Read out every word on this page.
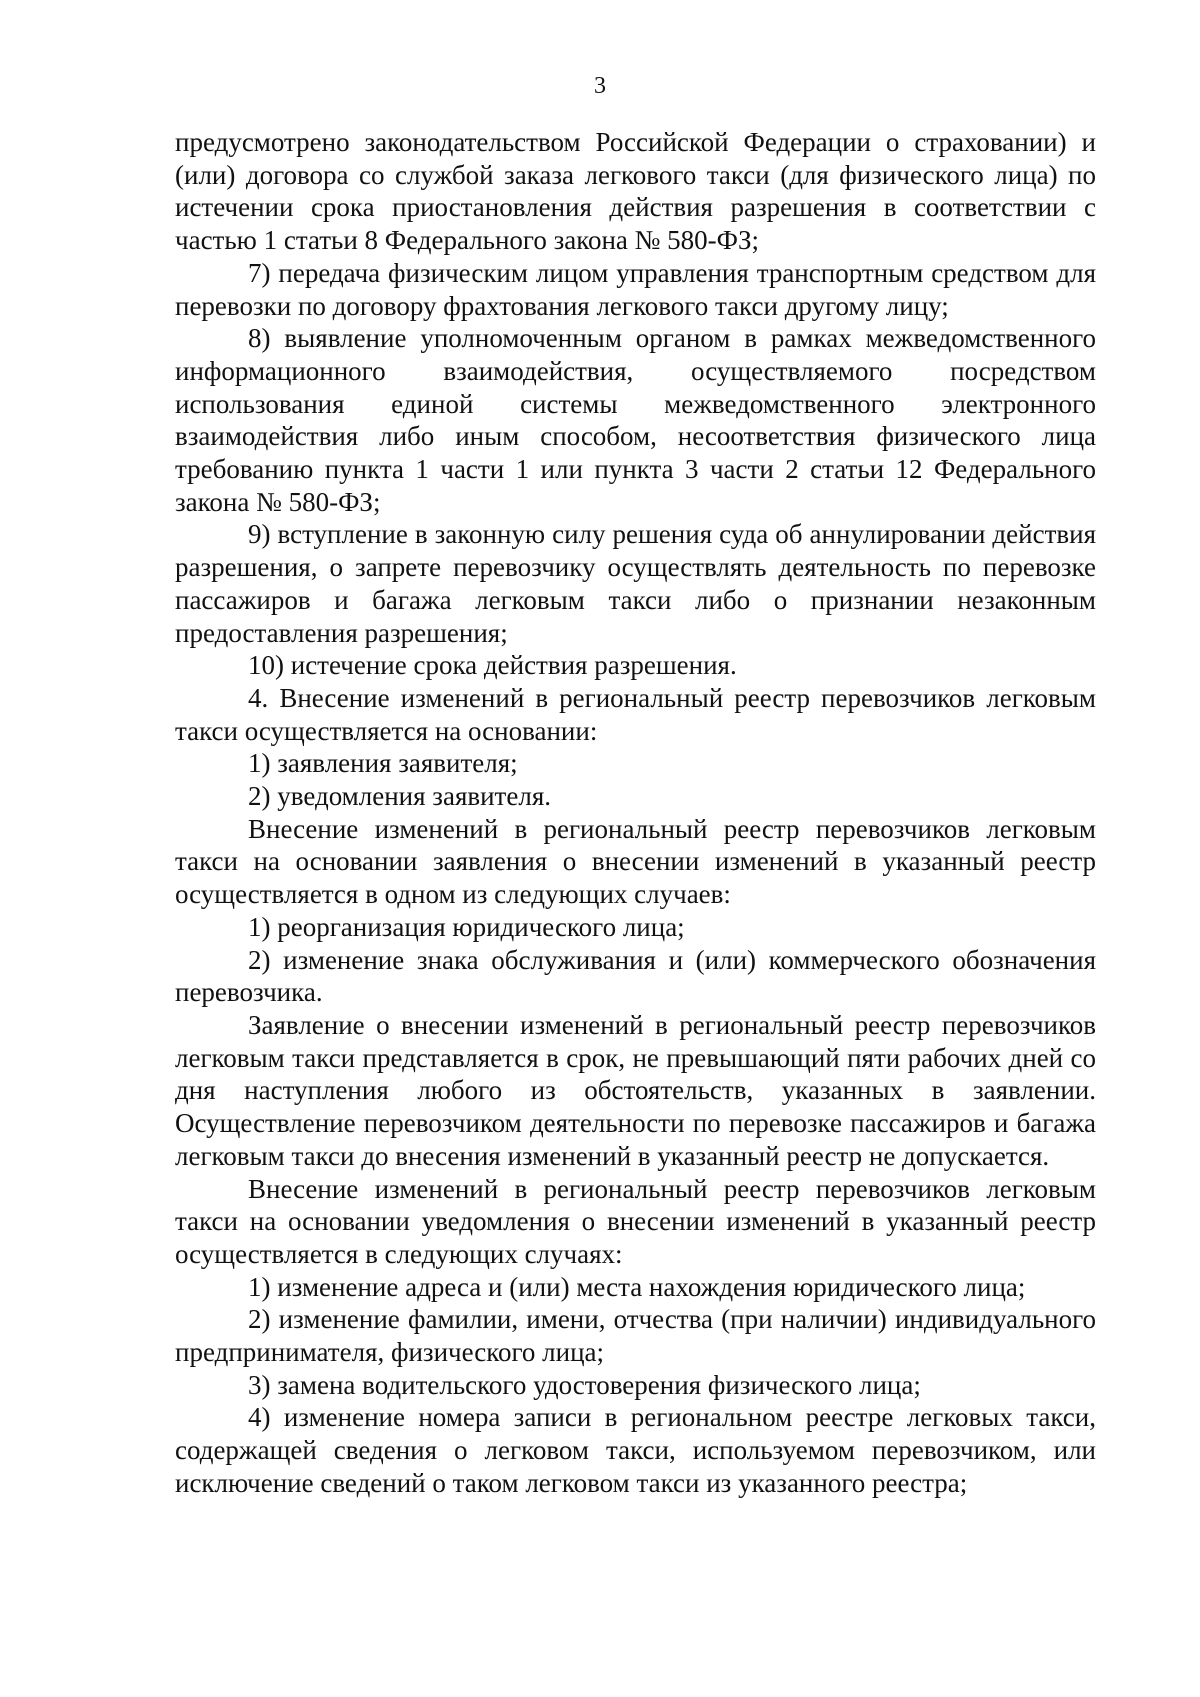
3

предусмотрено законодательством Российской Федерации о страховании) и (или) договора со службой заказа легкового такси (для физического лица) по истечении срока приостановления действия разрешения в соответствии с частью 1 статьи 8 Федерального закона № 580-ФЗ;

7) передача физическим лицом управления транспортным средством для перевозки по договору фрахтования легкового такси другому лицу;

8) выявление уполномоченным органом в рамках межведомственного информационного взаимодействия, осуществляемого посредством использования единой системы межведомственного электронного взаимодействия либо иным способом, несоответствия физического лица требованию пункта 1 части 1 или пункта 3 части 2 статьи 12 Федерального закона № 580-ФЗ;

9) вступление в законную силу решения суда об аннулировании действия разрешения, о запрете перевозчику осуществлять деятельность по перевозке пассажиров и багажа легковым такси либо о признании незаконным предоставления разрешения;

10) истечение срока действия разрешения.

4. Внесение изменений в региональный реестр перевозчиков легковым такси осуществляется на основании:

1) заявления заявителя;

2) уведомления заявителя.

Внесение изменений в региональный реестр перевозчиков легковым такси на основании заявления о внесении изменений в указанный реестр осуществляется в одном из следующих случаев:

1) реорганизация юридического лица;

2) изменение знака обслуживания и (или) коммерческого обозначения перевозчика.

Заявление о внесении изменений в региональный реестр перевозчиков легковым такси представляется в срок, не превышающий пяти рабочих дней со дня наступления любого из обстоятельств, указанных в заявлении. Осуществление перевозчиком деятельности по перевозке пассажиров и багажа легковым такси до внесения изменений в указанный реестр не допускается.

Внесение изменений в региональный реестр перевозчиков легковым такси на основании уведомления о внесении изменений в указанный реестр осуществляется в следующих случаях:

1) изменение адреса и (или) места нахождения юридического лица;

2) изменение фамилии, имени, отчества (при наличии) индивидуального предпринимателя, физического лица;

3) замена водительского удостоверения физического лица;

4) изменение номера записи в региональном реестре легковых такси, содержащей сведения о легковом такси, используемом перевозчиком, или исключение сведений о таком легковом такси из указанного реестра;
